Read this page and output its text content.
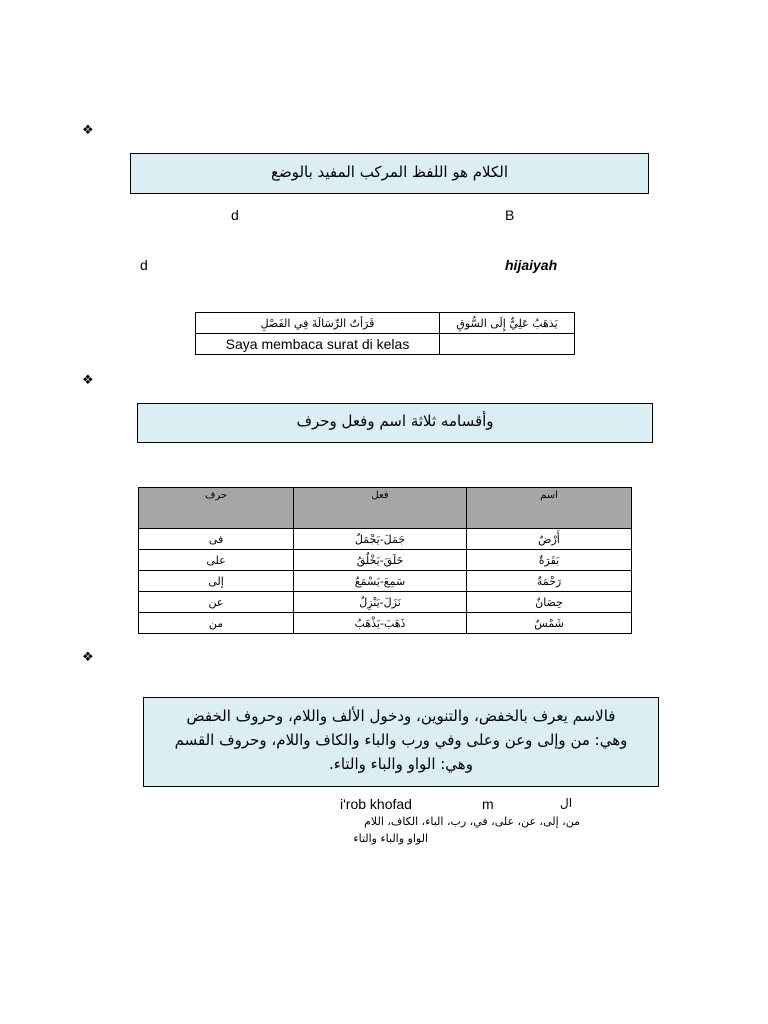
❖
الكلام هو اللفظ المركب المفيد بالوضع
d	B
d	hijaiyah
قَرَأتُ الرِّسَالَةَ فِي الفَصْلِ	يَذهَبُ عَلِيٌّ إِلَى السُّوقِ
Saya membaca surat di kelas	
❖
وأقسامه ثلاثة اسم وفعل وحرف
حرف	فعل	اسم
فى	جَمَلَ-يَجْمَلُ	أَرْضٌ
على	خَلَقَ-يَخْلُقُ	بَقَرَةٌ
إلى	سَمِعَ-يَسْمَعُ	رَحْمَةٌ
عن	نَزَلَ-يَنْزِلُ	حِصَانٌ
من	ذَهَبَ-يَذْهَبُ	شَمْسٌ
❖
فالاسم يعرف بالخفض، والتنوين، ودخول الألف واللام، وحروف الخفض
وهي: من وإلى وعن وعلى وفي ورب والباء والكاف واللام، وحروف القسم
وهي: الواو والباء والتاء.
i'rob khofad	m	ال
من، إلى، عن، على، في، رب، الباء، الكاف، اللام
الواو والباء والتاء
